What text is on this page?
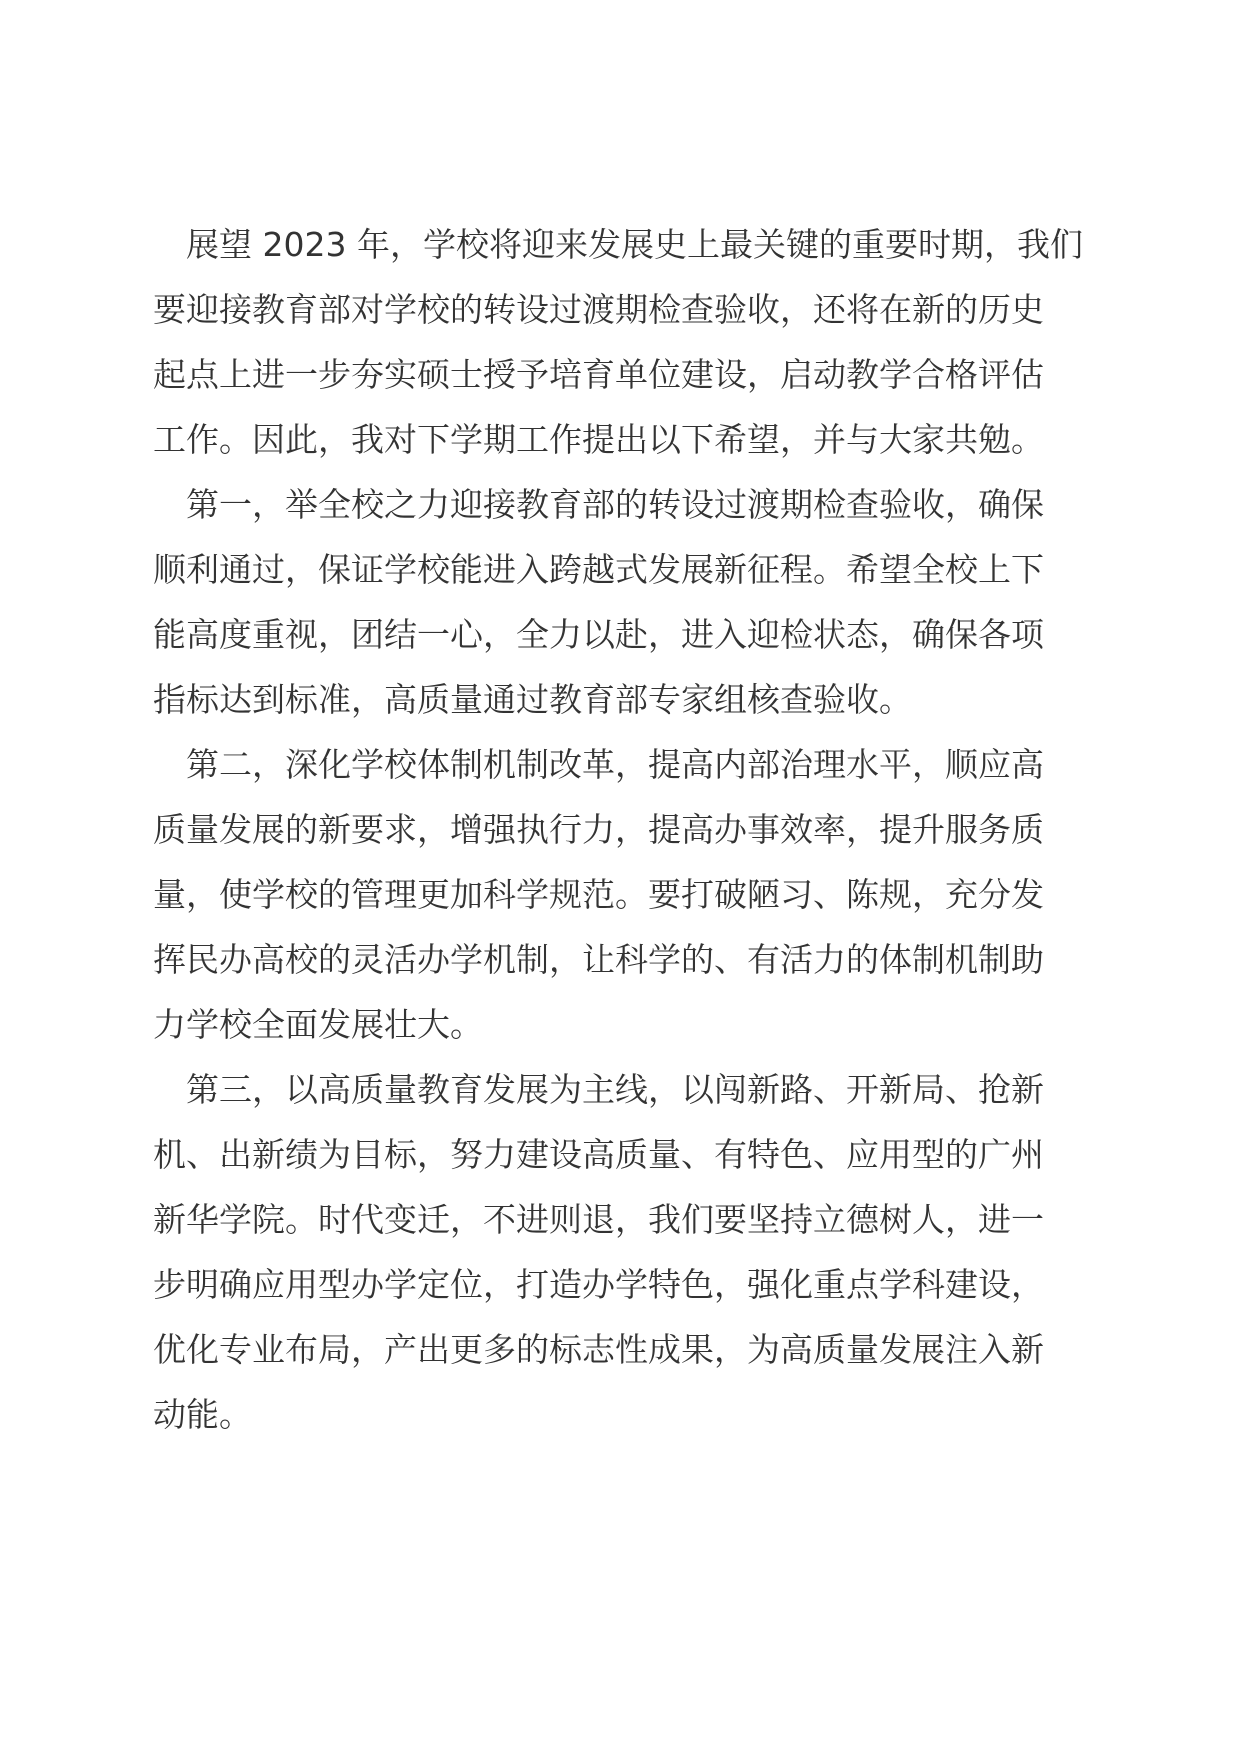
展望 2023 年，学校将迎来发展史上最关键的重要时期，我们
要迎接教育部对学校的转设过渡期检查验收，还将在新的历史
起点上进一步夯实硕士授予培育单位建设，启动教学合格评估
工作。因此，我对下学期工作提出以下希望，并与大家共勉。
第一，举全校之力迎接教育部的转设过渡期检查验收，确保
顺利通过，保证学校能进入跨越式发展新征程。希望全校上下
能高度重视，团结一心，全力以赴，进入迎检状态，确保各项
指标达到标准，高质量通过教育部专家组核查验收。
第二，深化学校体制机制改革，提高内部治理水平，顺应高
质量发展的新要求，增强执行力，提高办事效率，提升服务质
量，使学校的管理更加科学规范。要打破陋习、陈规，充分发
挥民办高校的灵活办学机制，让科学的、有活力的体制机制助
力学校全面发展壮大。
第三，以高质量教育发展为主线，以闯新路、开新局、抢新
机、出新绩为目标，努力建设高质量、有特色、应用型的广州
新华学院。时代变迁，不进则退，我们要坚持立德树人，进一
步明确应用型办学定位，打造办学特色，强化重点学科建设，
优化专业布局，产出更多的标志性成果，为高质量发展注入新
动能。
